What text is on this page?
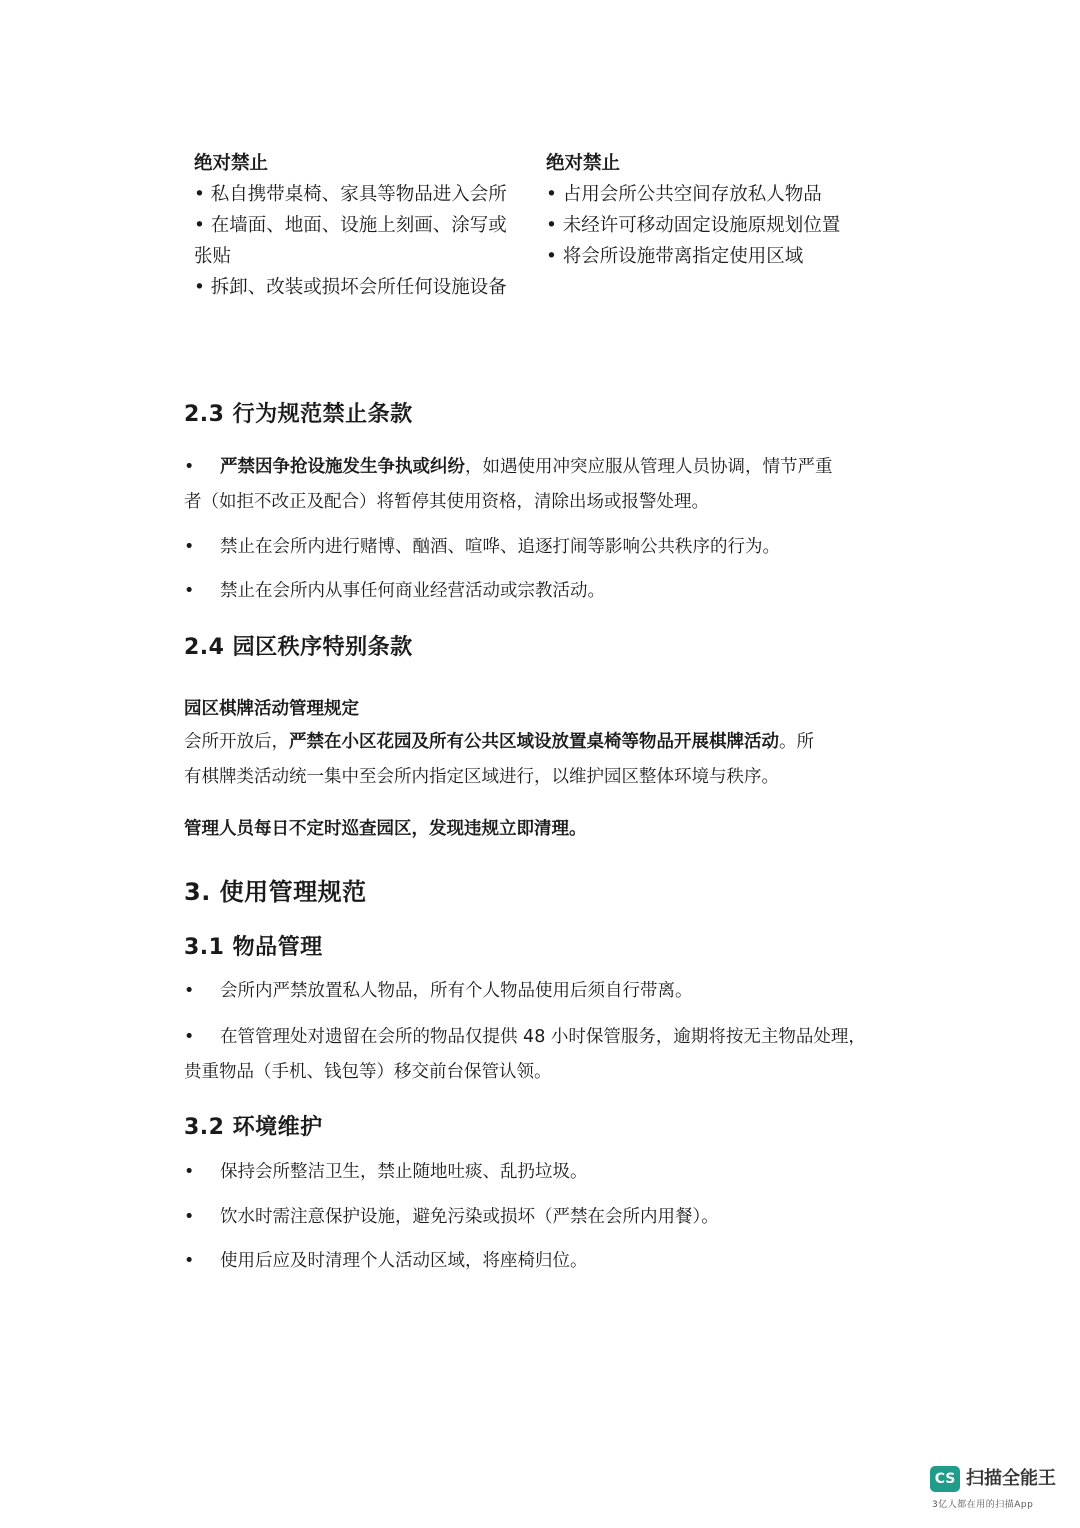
绝对禁止
• 私自携带桌椅、家具等物品进入会所
• 在墙面、地面、设施上刻画、涂写或
张贴
• 拆卸、改装或损坏会所任何设施设备
绝对禁止
• 占用会所公共空间存放私人物品
• 未经许可移动固定设施原规划位置
• 将会所设施带离指定使用区域
2.3 行为规范禁止条款
• 严禁因争抢设施发生争执或纠纷，如遇使用冲突应服从管理人员协调，情节严重
者（如拒不改正及配合）将暂停其使用资格，清除出场或报警处理。
• 禁止在会所内进行赌博、酗酒、喧哗、追逐打闹等影响公共秩序的行为。
• 禁止在会所内从事任何商业经营活动或宗教活动。
2.4 园区秩序特别条款
园区棋牌活动管理规定
会所开放后，严禁在小区花园及所有公共区域设放置桌椅等物品开展棋牌活动。所
有棋牌类活动统一集中至会所内指定区域进行，以维护园区整体环境与秩序。
管理人员每日不定时巡查园区，发现违规立即清理。
3. 使用管理规范
3.1 物品管理
• 会所内严禁放置私人物品，所有个人物品使用后须自行带离。
• 在管管理处对遗留在会所的物品仅提供 48 小时保管服务，逾期将按无主物品处理，
贵重物品（手机、钱包等）移交前台保管认领。
3.2 环境维护
• 保持会所整洁卫生，禁止随地吐痰、乱扔垃圾。
• 饮水时需注意保护设施，避免污染或损坏（严禁在会所内用餐）。
• 使用后应及时清理个人活动区域，将座椅归位。
CS 扫描全能王
3亿人都在用的扫描App
